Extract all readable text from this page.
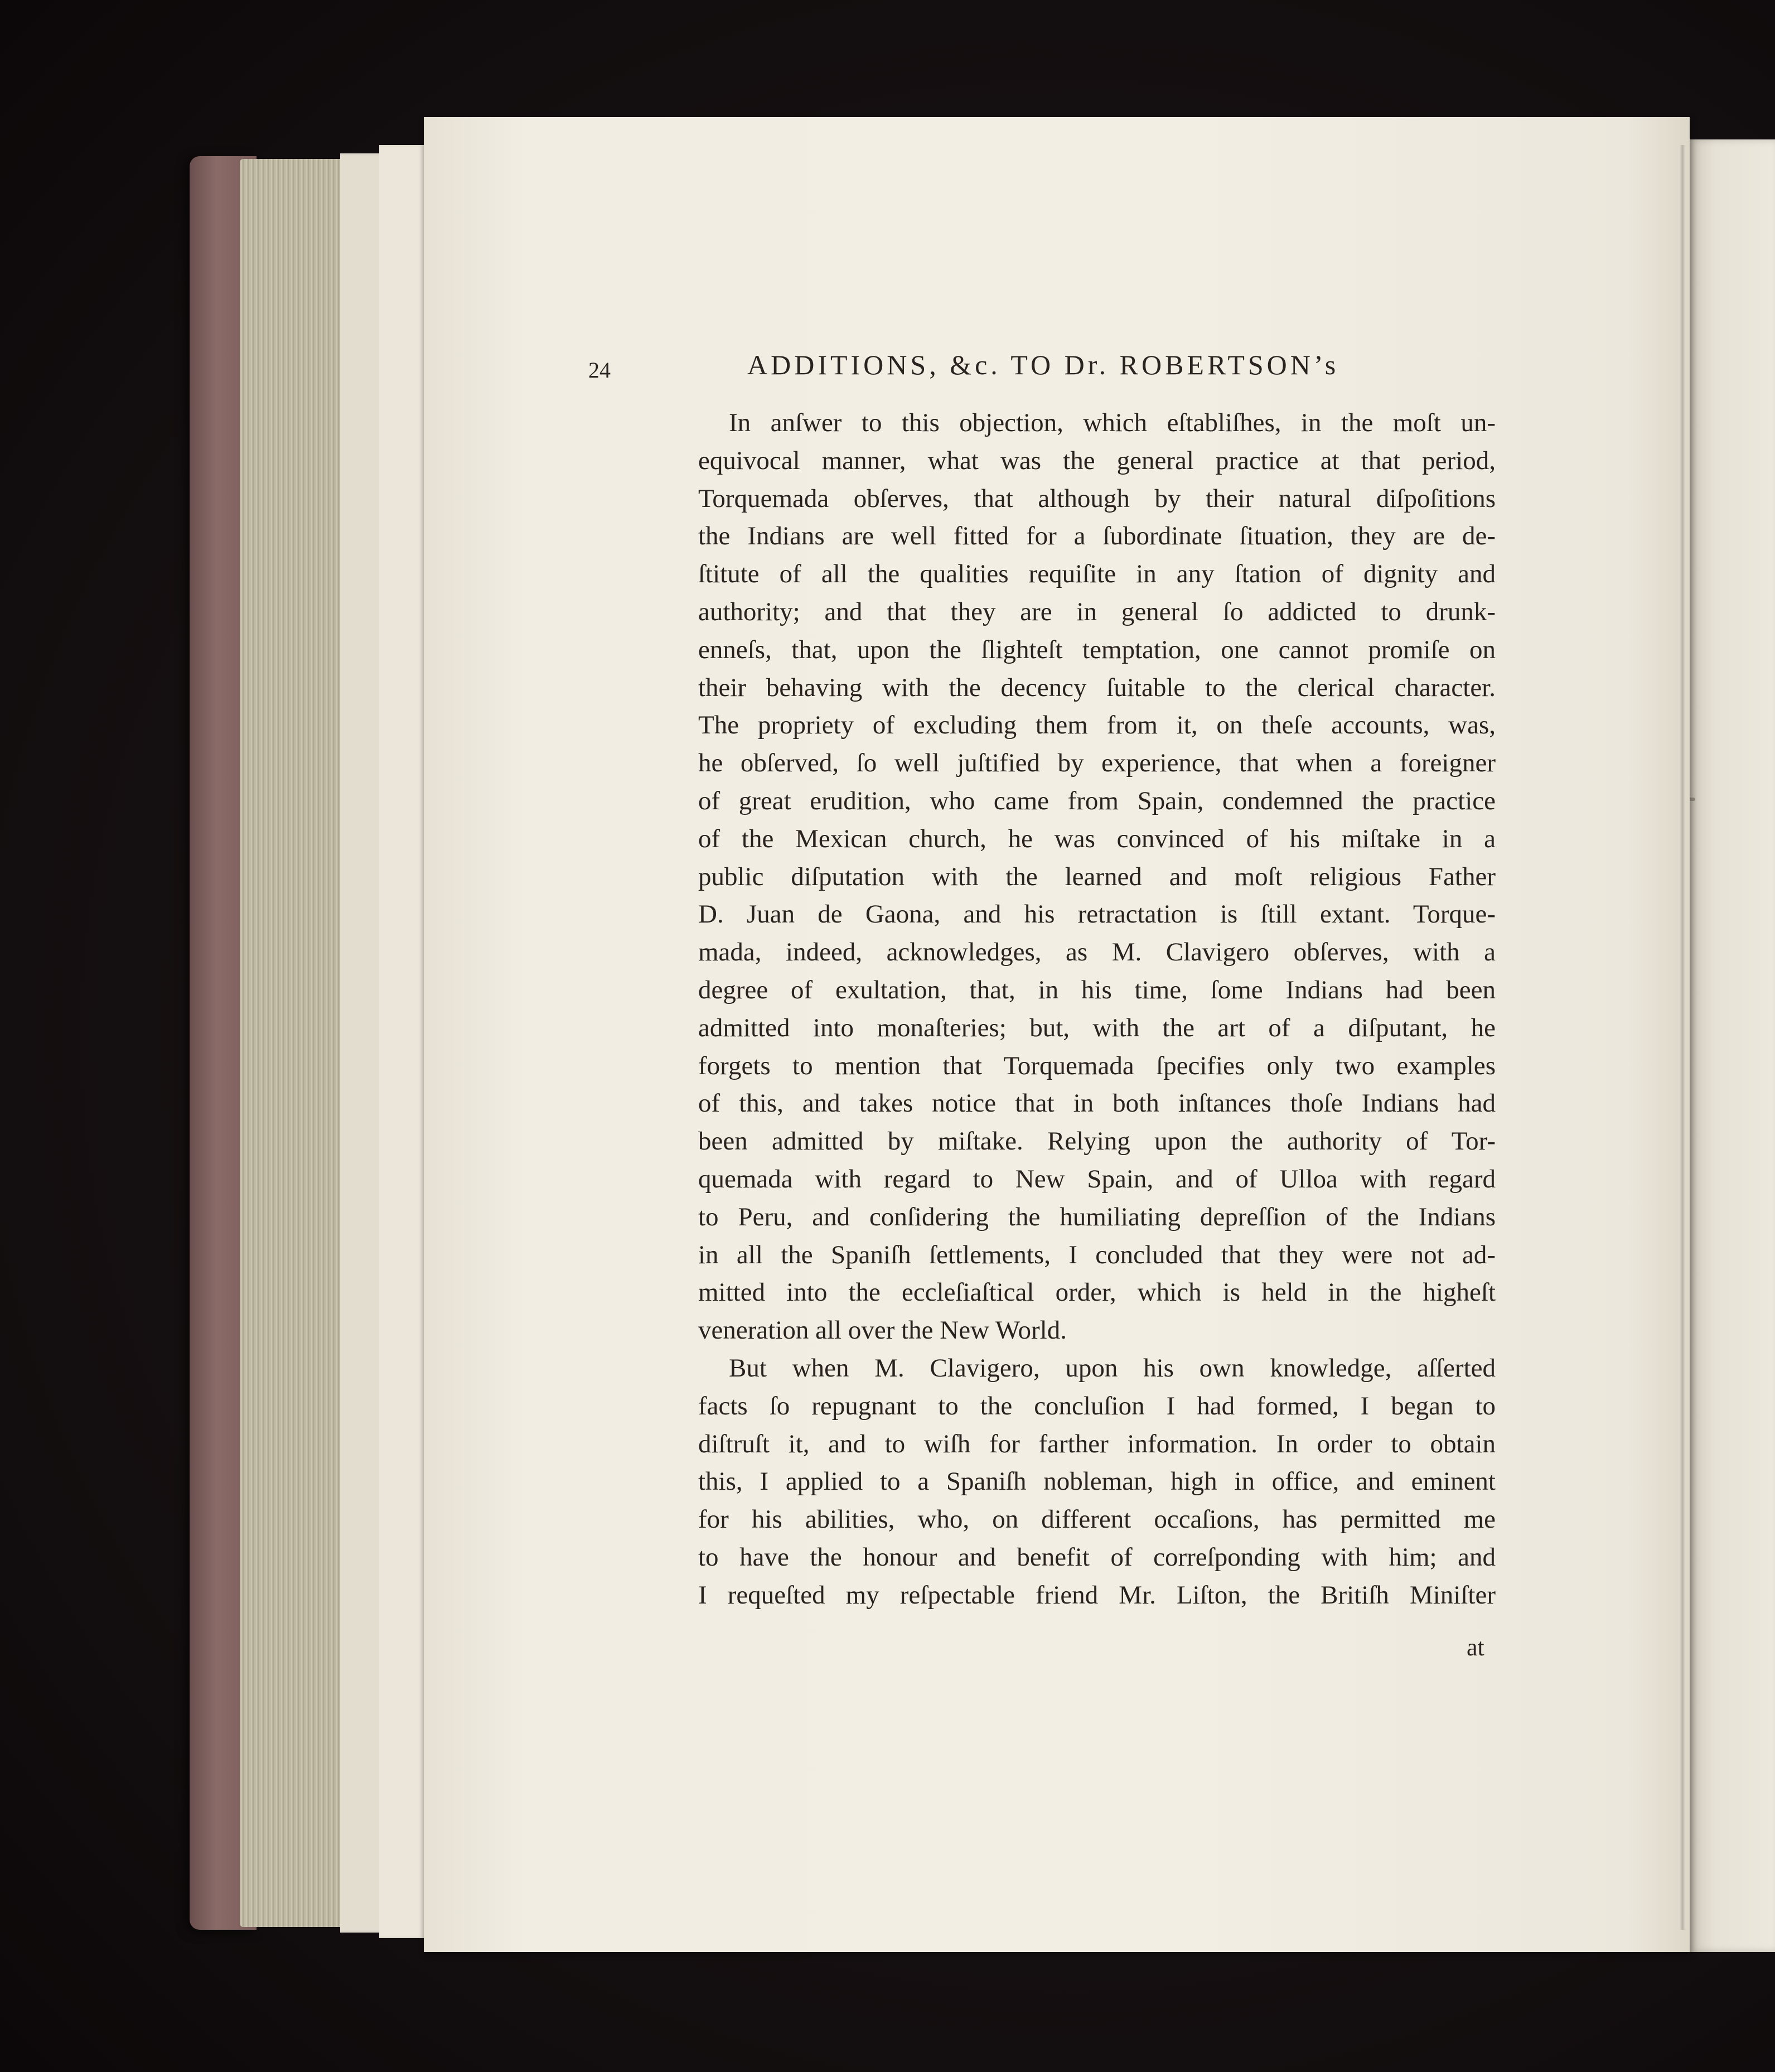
24	ADDITIONS, &c. TO Dr. ROBERTSON’s
In anſwer to this objection, which eſtabliſhes, in the moſt un-
equivocal manner, what was the general practice at that period,
Torquemada obſerves, that although by their natural diſpoſitions
the Indians are well fitted for a ſubordinate ſituation, they are de-
ſtitute of all the qualities requiſite in any ſtation of dignity and
authority; and that they are in general ſo addicted to drunk-
enneſs, that, upon the ſlighteſt temptation, one cannot promiſe on
their behaving with the decency ſuitable to the clerical character.
The propriety of excluding them from it, on theſe accounts, was,
he obſerved, ſo well juſtified by experience, that when a foreigner
of great erudition, who came from Spain, condemned the practice
of the Mexican church, he was convinced of his miſtake in a
public diſputation with the learned and moſt religious Father
D. Juan de Gaona, and his retractation is ſtill extant. Torque-
mada, indeed, acknowledges, as M. Clavigero obſerves, with a
degree of exultation, that, in his time, ſome Indians had been
admitted into monaſteries; but, with the art of a diſputant, he
forgets to mention that Torquemada ſpecifies only two examples
of this, and takes notice that in both inſtances thoſe Indians had
been admitted by miſtake. Relying upon the authority of Tor-
quemada with regard to New Spain, and of Ulloa with regard
to Peru, and conſidering the humiliating depreſſion of the Indians
in all the Spaniſh ſettlements, I concluded that they were not ad-
mitted into the eccleſiaſtical order, which is held in the higheſt
veneration all over the New World.
But when M. Clavigero, upon his own knowledge, aſſerted
facts ſo repugnant to the concluſion I had formed, I began to
diſtruſt it, and to wiſh for farther information. In order to obtain
this, I applied to a Spaniſh nobleman, high in office, and eminent
for his abilities, who, on different occaſions, has permitted me
to have the honour and benefit of correſponding with him; and
I requeſted my reſpectable friend Mr. Liſton, the Britiſh Miniſter
at
